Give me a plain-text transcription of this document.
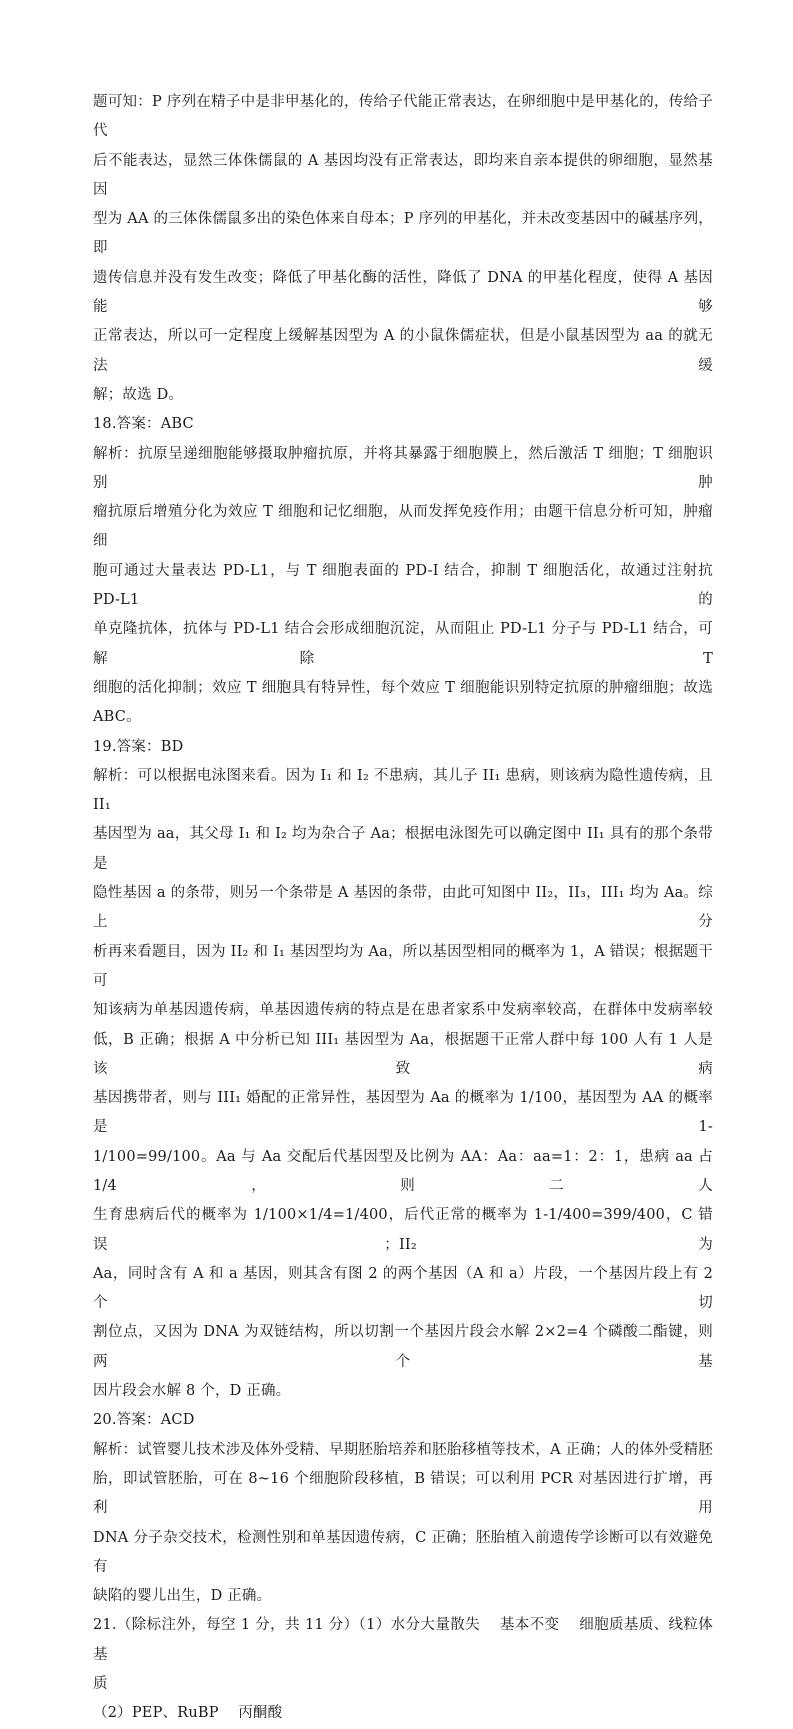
题可知：P 序列在精子中是非甲基化的，传给子代能正常表达，在卵细胞中是甲基化的，传给子代

后不能表达，显然三体侏儒鼠的 A 基因均没有正常表达，即均来自亲本提供的卵细胞，显然基因

型为 AA 的三体侏儒鼠多出的染色体来自母本；P 序列的甲基化，并未改变基因中的碱基序列，即

遗传信息并没有发生改变；降低了甲基化酶的活性，降低了 DNA 的甲基化程度，使得 A 基因能够

正常表达，所以可一定程度上缓解基因型为 A 的小鼠侏儒症状，但是小鼠基因型为 aa 的就无法缓

解；故选 D。

18.答案：ABC

解析：抗原呈递细胞能够摄取肿瘤抗原，并将其暴露于细胞膜上，然后激活 T 细胞；T 细胞识别肿

瘤抗原后增殖分化为效应 T 细胞和记忆细胞，从而发挥免疫作用；由题干信息分析可知，肿瘤细

胞可通过大量表达 PD-L1，与 T 细胞表面的 PD-I 结合，抑制 T 细胞活化，故通过注射抗 PD-L1 的

单克隆抗体，抗体与 PD-L1 结合会形成细胞沉淀，从而阻止 PD-L1 分子与 PD-L1 结合，可解除 T

细胞的活化抑制；效应 T 细胞具有特异性，每个效应 T 细胞能识别特定抗原的肿瘤细胞；故选

ABC。

19.答案：BD

解析：可以根据电泳图来看。因为 I₁ 和 I₂ 不患病，其儿子 II₁ 患病，则该病为隐性遗传病，且 II₁

基因型为 aa，其父母 I₁ 和 I₂ 均为杂合子 Aa；根据电泳图先可以确定图中 II₁ 具有的那个条带是

隐性基因 a 的条带，则另一个条带是 A 基因的条带，由此可知图中 II₂，II₃，III₁ 均为 Aa。综上分

析再来看题目，因为 II₂ 和 I₁ 基因型均为 Aa，所以基因型相同的概率为 1，A 错误；根据题干可

知该病为单基因遗传病，单基因遗传病的特点是在患者家系中发病率较高，在群体中发病率较

低，B 正确；根据 A 中分析已知 III₁ 基因型为 Aa，根据题干正常人群中每 100 人有 1 人是该致病

基因携带者，则与 III₁ 婚配的正常异性，基因型为 Aa 的概率为 1/100，基因型为 AA 的概率是 1-

1/100=99/100。Aa 与 Aa 交配后代基因型及比例为 AA：Aa：aa=1：2：1，患病 aa 占 1/4，则二人

生育患病后代的概率为 1/100×1/4=1/400，后代正常的概率为 1-1/400=399/400，C 错误；II₂ 为

Aa，同时含有 A 和 a 基因，则其含有图 2 的两个基因（A 和 a）片段，一个基因片段上有 2 个切

割位点，又因为 DNA 为双链结构，所以切割一个基因片段会水解 2×2=4 个磷酸二酯键，则两个基

因片段会水解 8 个，D 正确。

20.答案：ACD

解析：试管婴儿技术涉及体外受精、早期胚胎培养和胚胎移植等技术，A 正确；人的体外受精胚

胎，即试管胚胎，可在 8~16 个细胞阶段移植，B 错误；可以利用 PCR 对基因进行扩增，再利用

DNA 分子杂交技术，检测性别和单基因遗传病，C 正确；胚胎植入前遗传学诊断可以有效避免有

缺陷的婴儿出生，D 正确。

21.（除标注外，每空 1 分，共 11 分）（1）水分大量散失　 基本不变　 细胞质基质、线粒体基

质

（2）PEP、RuBP　 丙酮酸
